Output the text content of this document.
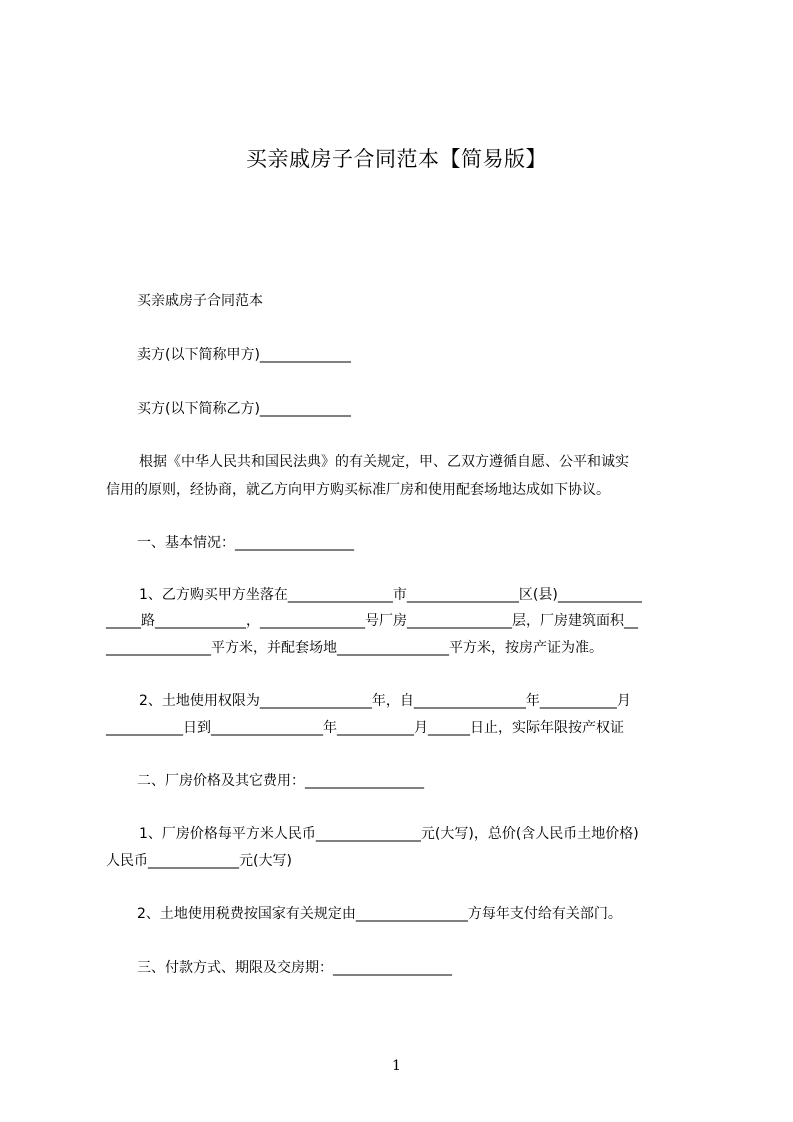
买亲戚房子合同范本【简易版】
买亲戚房子合同范本
卖方(以下简称甲方)_____________
买方(以下简称乙方)_____________
根据《中华人民共和国民法典》的有关规定，甲、乙双方遵循自愿、公平和诚实
信用的原则，经协商，就乙方向甲方购买标准厂房和使用配套场地达成如下协议。
一、基本情况：_________________
1、乙方购买甲方坐落在_______________市________________区(县)____________
_____路_____________，_______________号厂房_______________层，厂房建筑面积__
_______________平方米，并配套场地________________平方米，按房产证为准。
2、土地使用权限为________________年，自________________年___________月
___________日到________________年___________月______日止，实际年限按产权证
二、厂房价格及其它费用：_________________
1、厂房价格每平方米人民币_______________元(大写)，总价(含人民币土地价格)
人民币_____________元(大写)
2、土地使用税费按国家有关规定由________________方每年支付给有关部门。
三、付款方式、期限及交房期：_________________
1
